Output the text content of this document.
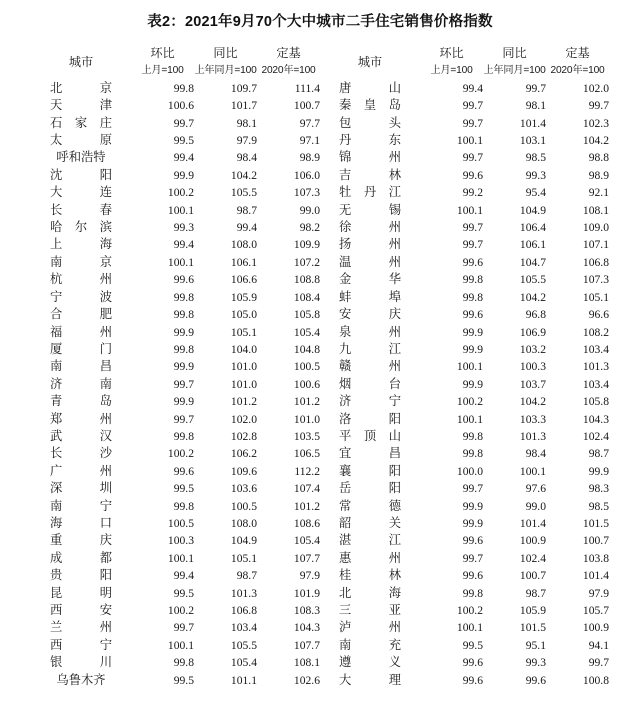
表2：2021年9月70个大中城市二手住宅销售价格指数
城市	环比	同比	定基	城市	环比	同比	定基
	上月=100	上年同月=100	2020年=100		上月=100	上年同月=100	2020年=100
北京	99.8	109.7	111.4	唐山	99.4	99.7	102.0
天津	100.6	101.7	100.7	秦皇岛	99.7	98.1	99.7
石家庄	99.7	98.1	97.7	包头	99.7	101.4	102.3
太原	99.5	97.9	97.1	丹东	100.1	103.1	104.2
呼和浩特	99.4	98.4	98.9	锦州	99.7	98.5	98.8
沈阳	99.9	104.2	106.0	吉林	99.6	99.3	98.9
大连	100.2	105.5	107.3	牡丹江	99.2	95.4	92.1
长春	100.1	98.7	99.0	无锡	100.1	104.9	108.1
哈尔滨	99.3	99.4	98.2	徐州	99.7	106.4	109.0
上海	99.4	108.0	109.9	扬州	99.7	106.1	107.1
南京	100.1	106.1	107.2	温州	99.6	104.7	106.8
杭州	99.6	106.6	108.8	金华	99.8	105.5	107.3
宁波	99.8	105.9	108.4	蚌埠	99.8	104.2	105.1
合肥	99.8	105.0	105.8	安庆	99.6	96.8	96.6
福州	99.9	105.1	105.4	泉州	99.9	106.9	108.2
厦门	99.8	104.0	104.8	九江	99.9	103.2	103.4
南昌	99.9	101.0	100.5	赣州	100.1	100.3	101.3
济南	99.7	101.0	100.6	烟台	99.9	103.7	103.4
青岛	99.9	101.2	101.2	济宁	100.2	104.2	105.8
郑州	99.7	102.0	101.0	洛阳	100.1	103.3	104.3
武汉	99.8	102.8	103.5	平顶山	99.8	101.3	102.4
长沙	100.2	106.2	106.5	宜昌	99.8	98.4	98.7
广州	99.6	109.6	112.2	襄阳	100.0	100.1	99.9
深圳	99.5	103.6	107.4	岳阳	99.7	97.6	98.3
南宁	99.8	100.5	101.2	常德	99.9	99.0	98.5
海口	100.5	108.0	108.6	韶关	99.9	101.4	101.5
重庆	100.3	104.9	105.4	湛江	99.6	100.9	100.7
成都	100.1	105.1	107.7	惠州	99.7	102.4	103.8
贵阳	99.4	98.7	97.9	桂林	99.6	100.7	101.4
昆明	99.5	101.3	101.9	北海	99.8	98.7	97.9
西安	100.2	106.8	108.3	三亚	100.2	105.9	105.7
兰州	99.7	103.4	104.3	泸州	100.1	101.5	100.9
西宁	100.1	105.5	107.7	南充	99.5	95.1	94.1
银川	99.8	105.4	108.1	遵义	99.6	99.3	99.7
乌鲁木齐	99.5	101.1	102.6	大理	99.6	99.6	100.8
